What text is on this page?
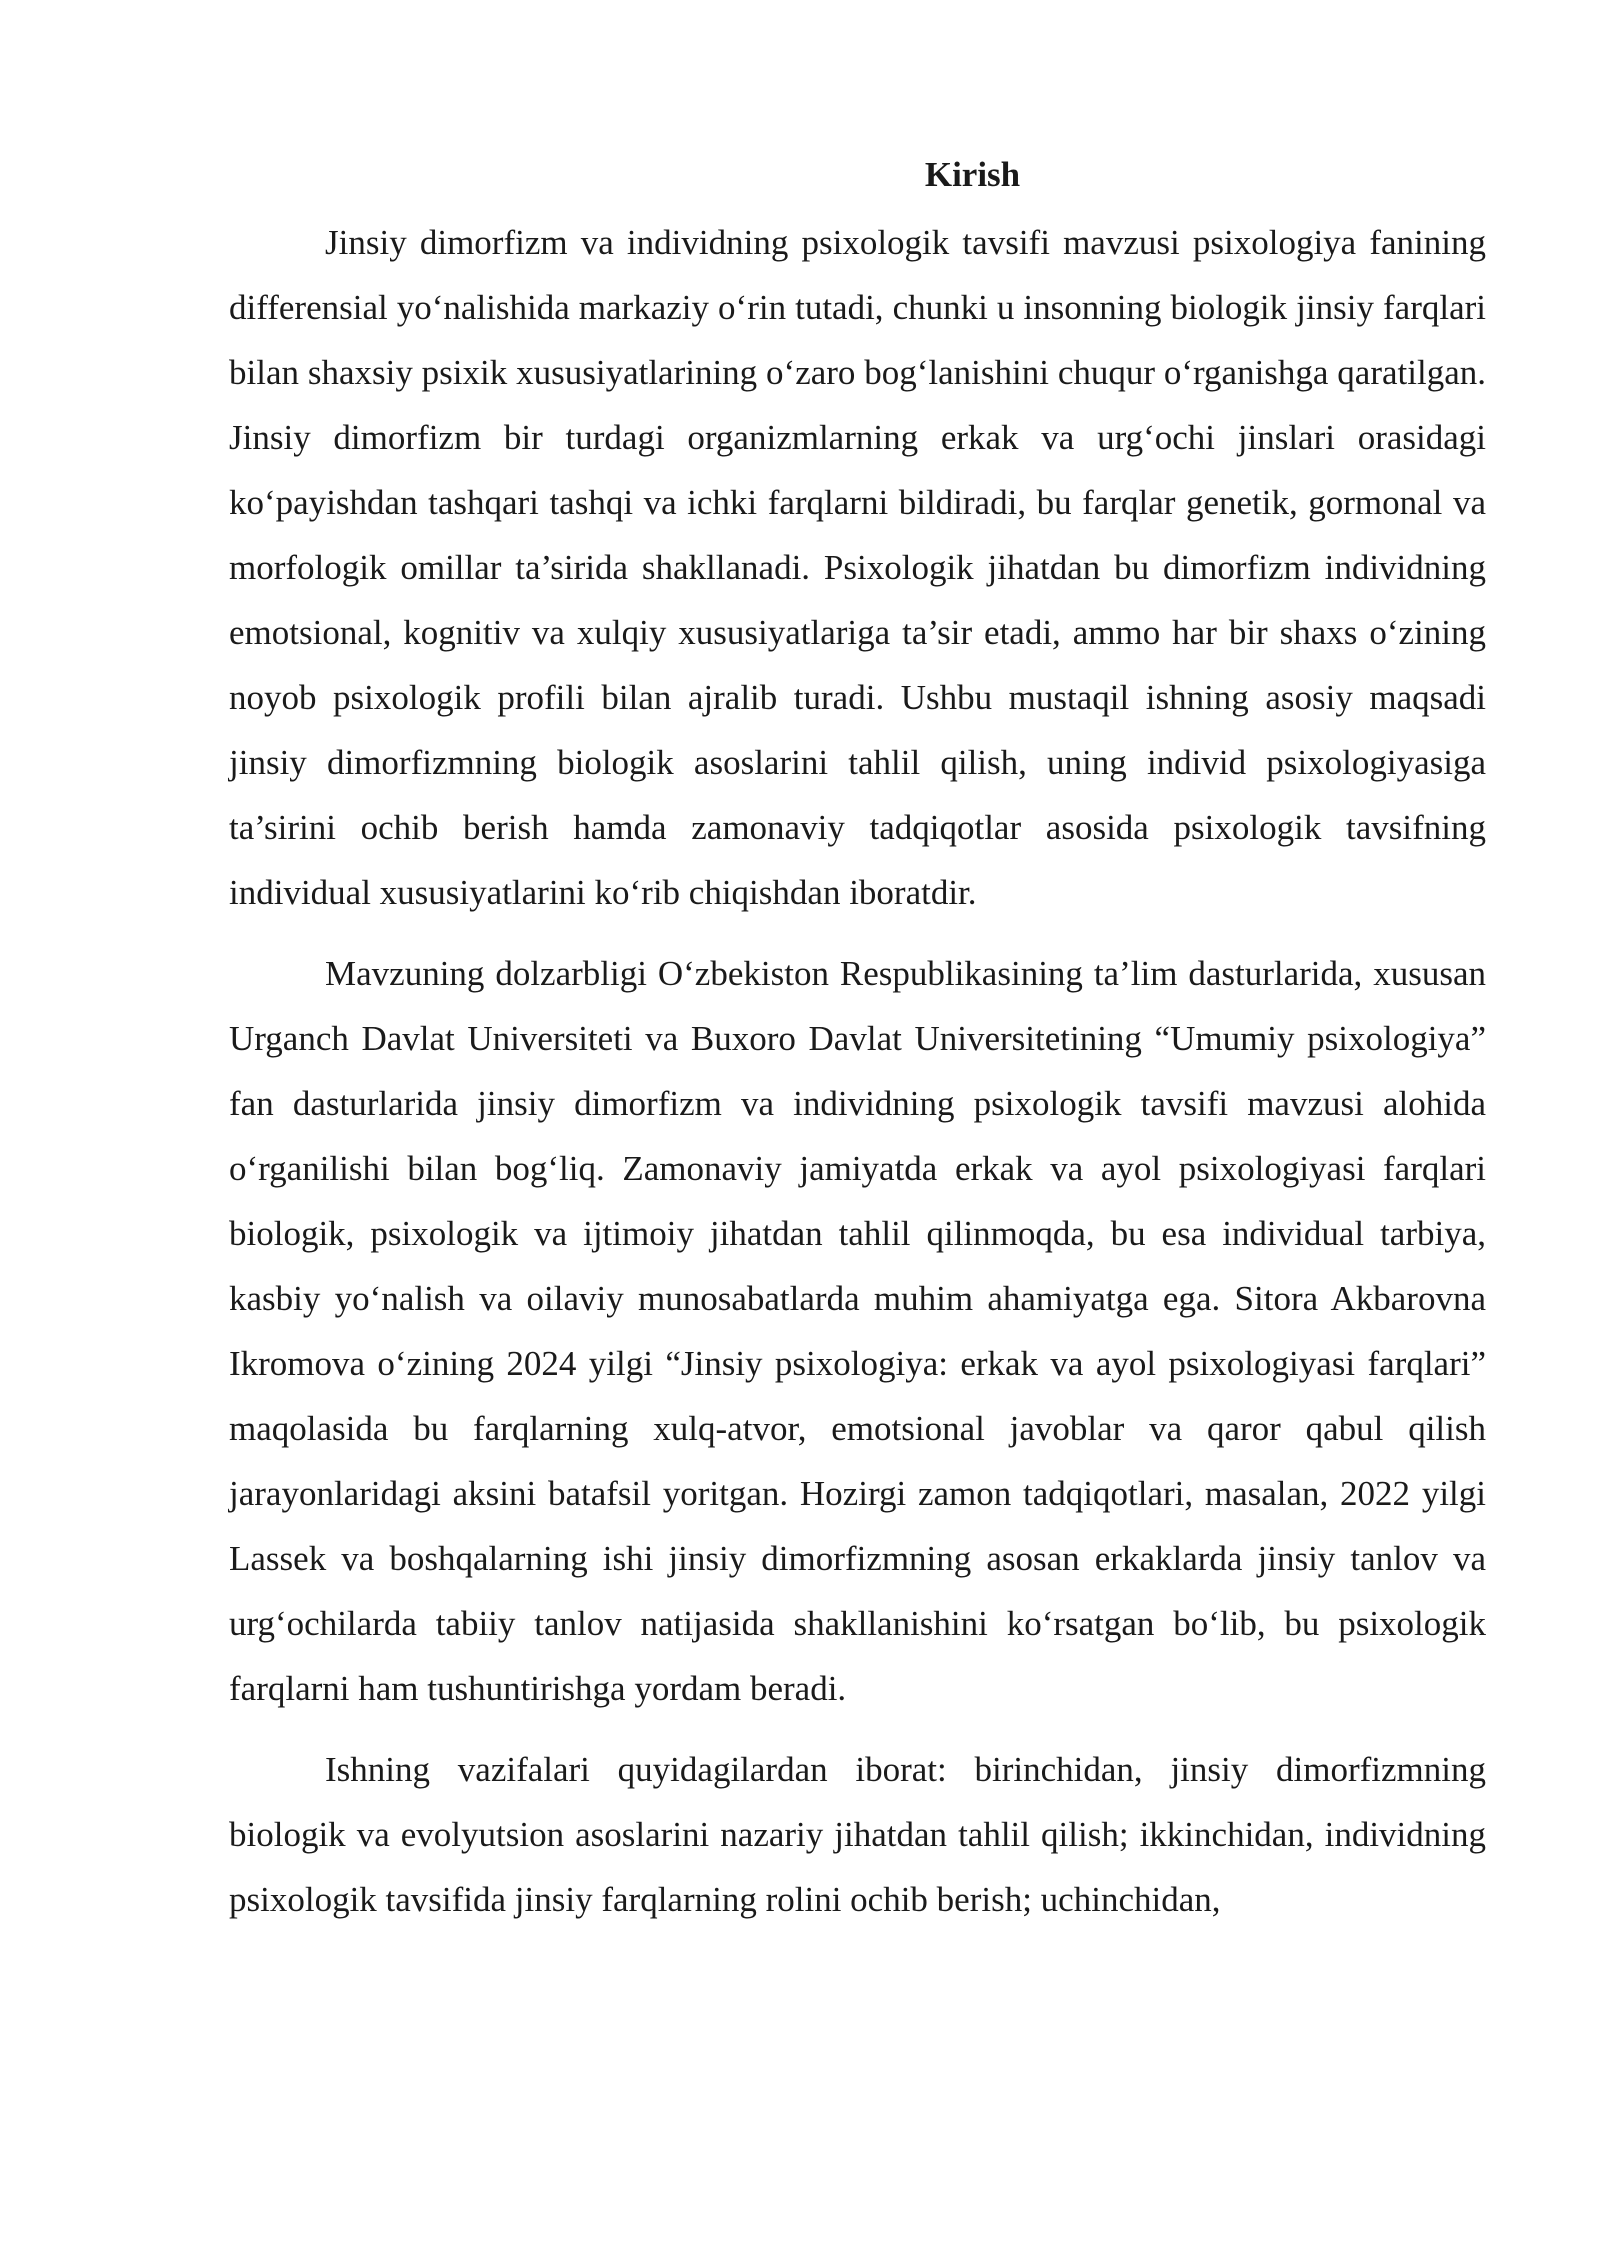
Kirish

Jinsiy dimorfizm va individning psixologik tavsifi mavzusi psixologiya fanining differensial yo‘nalishida markaziy o‘rin tutadi, chunki u insonning biologik jinsiy farqlari bilan shaxsiy psixik xususiyatlarining o‘zaro bog‘lanishini chuqur o‘rganishga qaratilgan. Jinsiy dimorfizm bir turdagi organizmlarning erkak va urg‘ochi jinslari orasidagi ko‘payishdan tashqari tashqi va ichki farqlarni bildiradi, bu farqlar genetik, gormonal va morfologik omillar ta’sirida shakllanadi. Psixologik jihatdan bu dimorfizm individning emotsional, kognitiv va xulqiy xususiyatlariga ta’sir etadi, ammo har bir shaxs o‘zining noyob psixologik profili bilan ajralib turadi. Ushbu mustaqil ishning asosiy maqsadi jinsiy dimorfizmning biologik asoslarini tahlil qilish, uning individ psixologiyasiga ta’sirini ochib berish hamda zamonaviy tadqiqotlar asosida psixologik tavsifning individual xususiyatlarini ko‘rib chiqishdan iboratdir.

Mavzuning dolzarbligi O‘zbekiston Respublikasining ta’lim dasturlarida, xususan Urganch Davlat Universiteti va Buxoro Davlat Universitetining “Umumiy psixologiya” fan dasturlarida jinsiy dimorfizm va individning psixologik tavsifi mavzusi alohida o‘rganilishi bilan bog‘liq. Zamonaviy jamiyatda erkak va ayol psixologiyasi farqlari biologik, psixologik va ijtimoiy jihatdan tahlil qilinmoqda, bu esa individual tarbiya, kasbiy yo‘nalish va oilaviy munosabatlarda muhim ahamiyatga ega. Sitora Akbarovna Ikromova o‘zining 2024 yilgi “Jinsiy psixologiya: erkak va ayol psixologiyasi farqlari” maqolasida bu farqlarning xulq-atvor, emotsional javoblar va qaror qabul qilish jarayonlaridagi aksini batafsil yoritgan. Hozirgi zamon tadqiqotlari, masalan, 2022 yilgi Lassek va boshqalarning ishi jinsiy dimorfizmning asosan erkaklarda jinsiy tanlov va urg‘ochilarda tabiiy tanlov natijasida shakllanishini ko‘rsatgan bo‘lib, bu psixologik farqlarni ham tushuntirishga yordam beradi.

Ishning vazifalari quyidagilardan iborat: birinchidan, jinsiy dimorfizmning biologik va evolyutsion asoslarini nazariy jihatdan tahlil qilish; ikkinchidan, individning psixologik tavsifida jinsiy farqlarning rolini ochib berish; uchinchidan,
